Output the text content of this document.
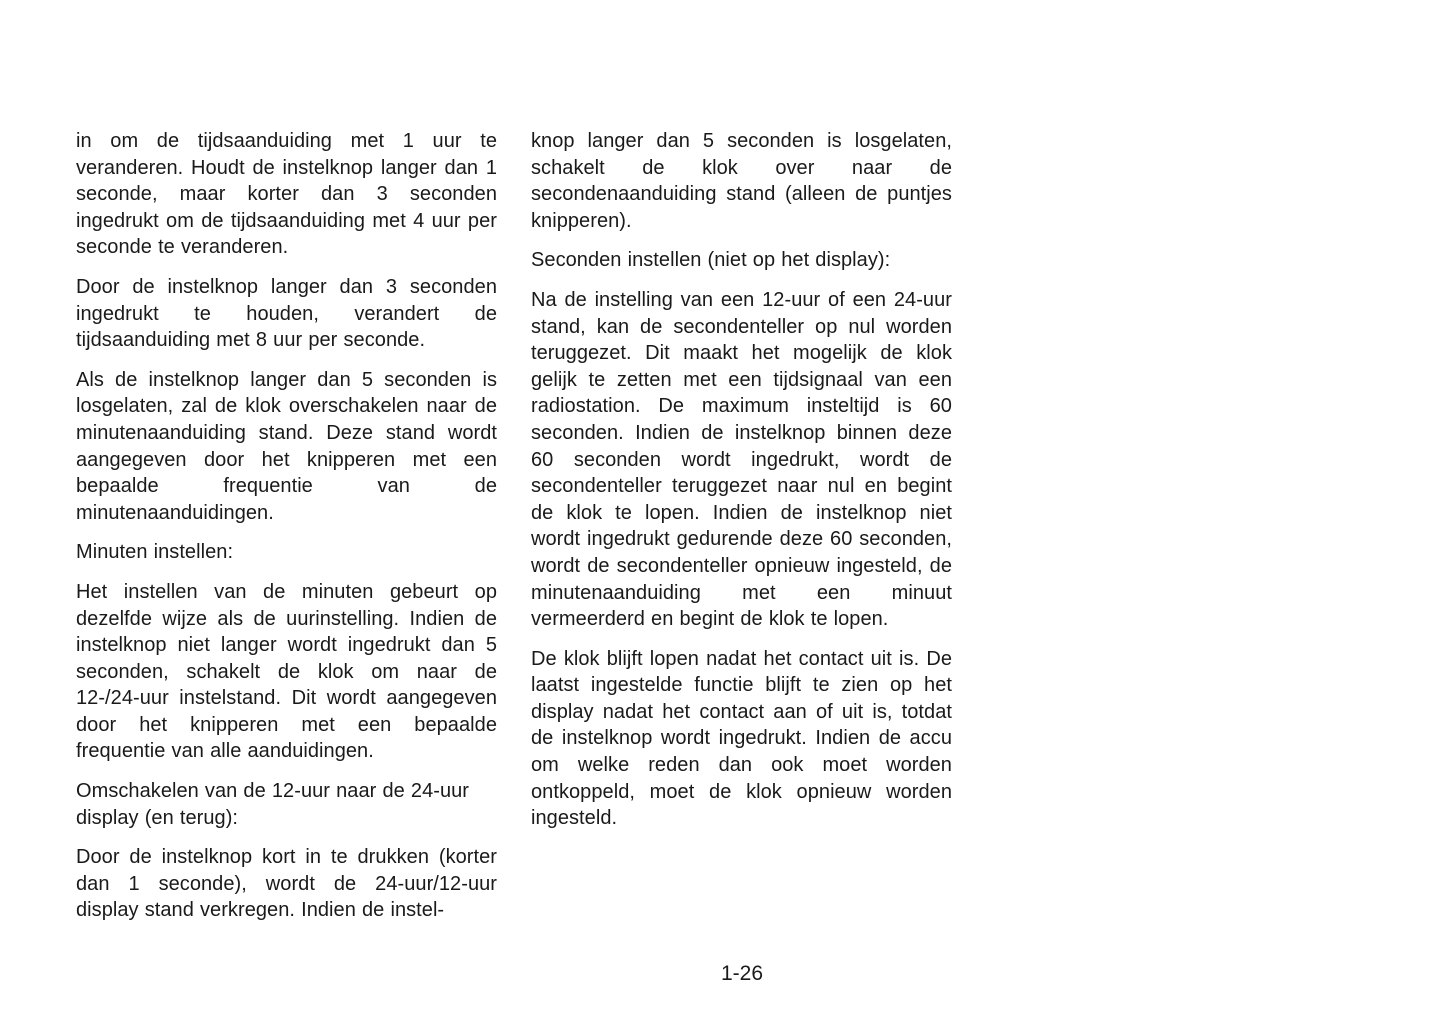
in om de tijdsaanduiding met 1 uur te veranderen. Houdt de instelknop langer dan 1 seconde, maar korter dan 3 seconden ingedrukt om de tijdsaanduiding met 4 uur per seconde te veranderen.

Door de instelknop langer dan 3 seconden ingedrukt te houden, verandert de tijdsaanduiding met 8 uur per seconde.

Als de instelknop langer dan 5 seconden is losgelaten, zal de klok overschakelen naar de minutenaanduiding stand. Deze stand wordt aangegeven door het knipperen met een bepaalde frequentie van de minutenaanduidingen.

Minuten instellen:

Het instellen van de minuten gebeurt op dezelfde wijze als de uurinstelling. Indien de instelknop niet langer wordt ingedrukt dan 5 seconden, schakelt de klok om naar de 12-/24-uur instelstand. Dit wordt aangegeven door het knipperen met een bepaalde frequentie van alle aanduidingen.

Omschakelen van de 12-uur naar de 24-uur display (en terug):

Door de instelknop kort in te drukken (korter dan 1 seconde), wordt de 24-uur/12-uur display stand verkregen. Indien de instel-

knop langer dan 5 seconden is losgelaten, schakelt de klok over naar de secondenaanduiding stand (alleen de puntjes knipperen).

Seconden instellen (niet op het display):

Na de instelling van een 12-uur of een 24-uur stand, kan de secondenteller op nul worden teruggezet. Dit maakt het mogelijk de klok gelijk te zetten met een tijdsignaal van een radiostation. De maximum insteltijd is 60 seconden. Indien de instelknop binnen deze 60 seconden wordt ingedrukt, wordt de secondenteller teruggezet naar nul en begint de klok te lopen. Indien de instelknop niet wordt ingedrukt gedurende deze 60 seconden, wordt de secondenteller opnieuw ingesteld, de minutenaanduiding met een minuut vermeerderd en begint de klok te lopen.

De klok blijft lopen nadat het contact uit is. De laatst ingestelde functie blijft te zien op het display nadat het contact aan of uit is, totdat de instelknop wordt ingedrukt. Indien de accu om welke reden dan ook moet worden ontkoppeld, moet de klok opnieuw worden ingesteld.

1-26
